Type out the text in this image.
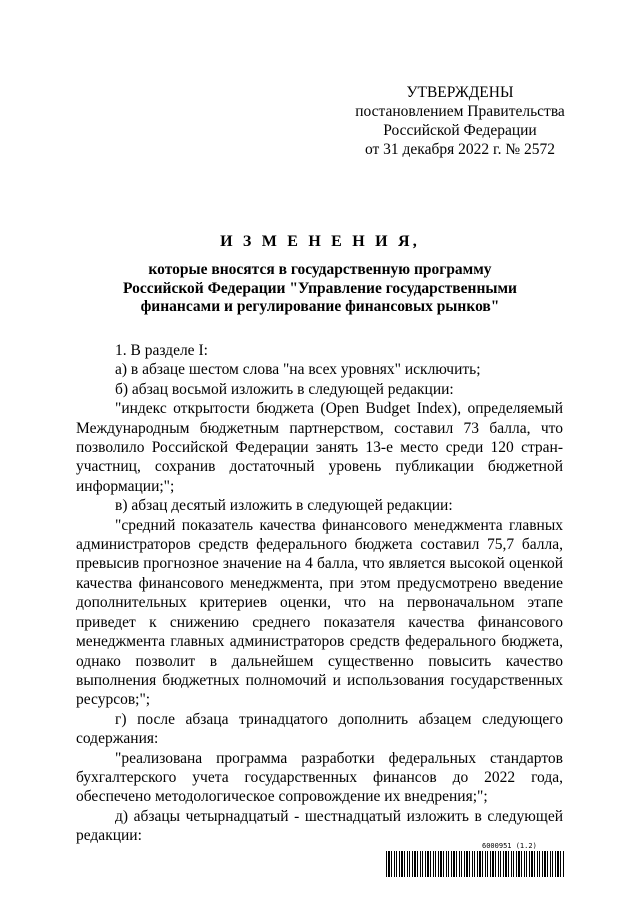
УТВЕРЖДЕНЫ
постановлением Правительства
Российской Федерации
от 31 декабря 2022 г. № 2572
И З М Е Н Е Н И Я,
которые вносятся в государственную программу
Российской Федерации "Управление государственными
финансами и регулирование финансовых рынков"

1. В разделе I:

а) в абзаце шестом слова "на всех уровнях" исключить;

б) абзац восьмой изложить в следующей редакции:

"индекс открытости бюджета (Open Budget Index), определяемый Международным бюджетным партнерством, составил 73 балла, что позволило Российской Федерации занять 13-е место среди 120 стран-участниц, сохранив достаточный уровень публикации бюджетной информации;";

в) абзац десятый изложить в следующей редакции:

"средний показатель качества финансового менеджмента главных администраторов средств федерального бюджета составил 75,7 балла, превысив прогнозное значение на 4 балла, что является высокой оценкой качества финансового менеджмента, при этом предусмотрено введение дополнительных критериев оценки, что на первоначальном этапе приведет к снижению среднего показателя качества финансового менеджмента главных администраторов средств федерального бюджета, однако позволит в дальнейшем существенно повысить качество выполнения бюджетных полномочий и использования государственных ресурсов;";

г) после абзаца тринадцатого дополнить абзацем следующего содержания:

"реализована программа разработки федеральных стандартов бухгалтерского учета государственных финансов до 2022 года, обеспечено методологическое сопровождение их внедрения;";

д) абзацы четырнадцатый - шестнадцатый изложить в следующей редакции:

6000951 (1.2)
